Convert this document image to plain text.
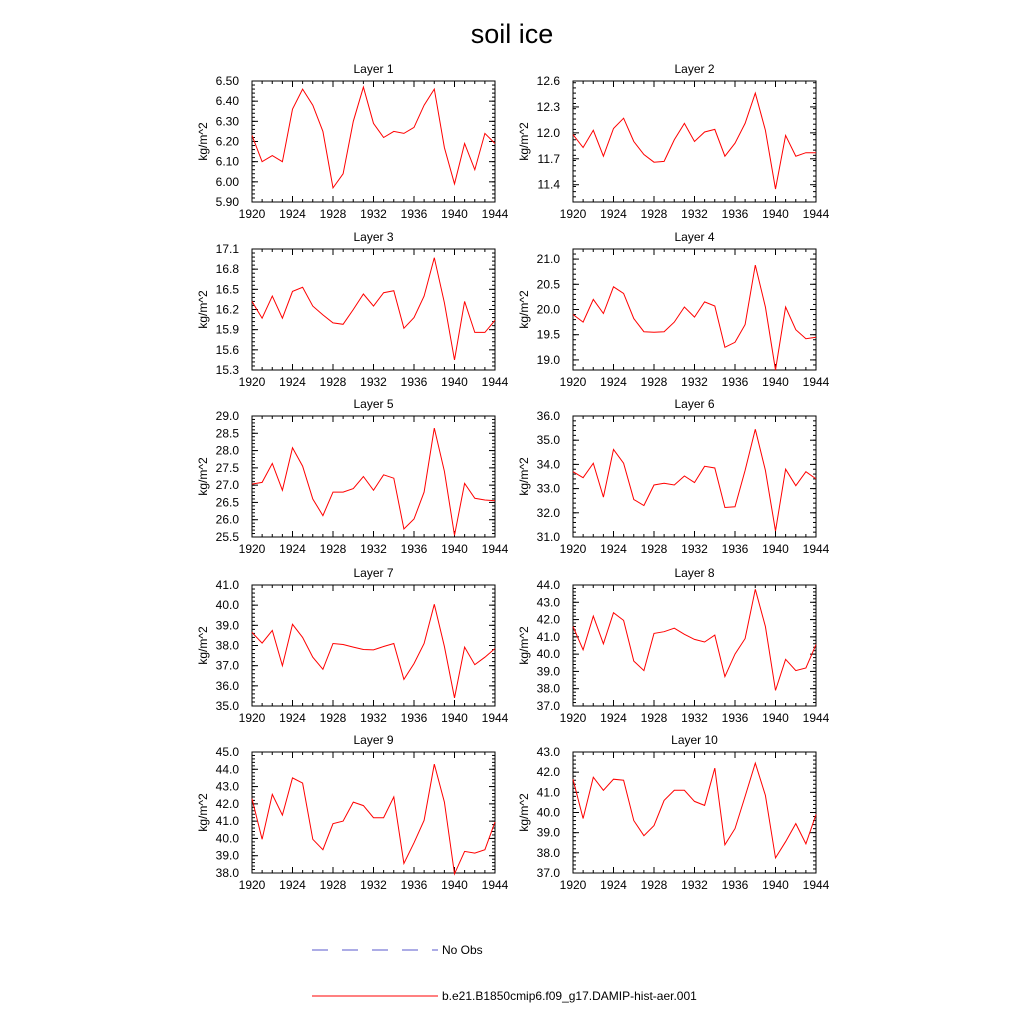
soil ice
Layer 1
kg/m^2
1920 1924 1928 1932 1936 1940 1944
5.90
6.00
6.10
6.20
6.30
6.40
6.50
Layer 2
kg/m^2
1920 1924 1928 1932 1936 1940 1944
11.4
11.7
12.0
12.3
12.6
Layer 3
kg/m^2
1920 1924 1928 1932 1936 1940 1944
15.3
15.6
15.9
16.2
16.5
16.8
17.1
Layer 4
kg/m^2
1920 1924 1928 1932 1936 1940 1944
19.0
19.5
20.0
20.5
21.0
Layer 5
kg/m^2
1920 1924 1928 1932 1936 1940 1944
25.5
26.0
26.5
27.0
27.5
28.0
28.5
29.0
Layer 6
kg/m^2
1920 1924 1928 1932 1936 1940 1944
31.0
32.0
33.0
34.0
35.0
36.0
Layer 7
kg/m^2
1920 1924 1928 1932 1936 1940 1944
35.0
36.0
37.0
38.0
39.0
40.0
41.0
Layer 8
kg/m^2
1920 1924 1928 1932 1936 1940 1944
37.0
38.0
39.0
40.0
41.0
42.0
43.0
44.0
Layer 9
kg/m^2
1920 1924 1928 1932 1936 1940 1944
38.0
39.0
40.0
41.0
42.0
43.0
44.0
45.0
Layer 10
kg/m^2
1920 1924 1928 1932 1936 1940 1944
37.0
38.0
39.0
40.0
41.0
42.0
43.0
No Obs
b.e21.B1850cmip6.f09_g17.DAMIP-hist-aer.001
